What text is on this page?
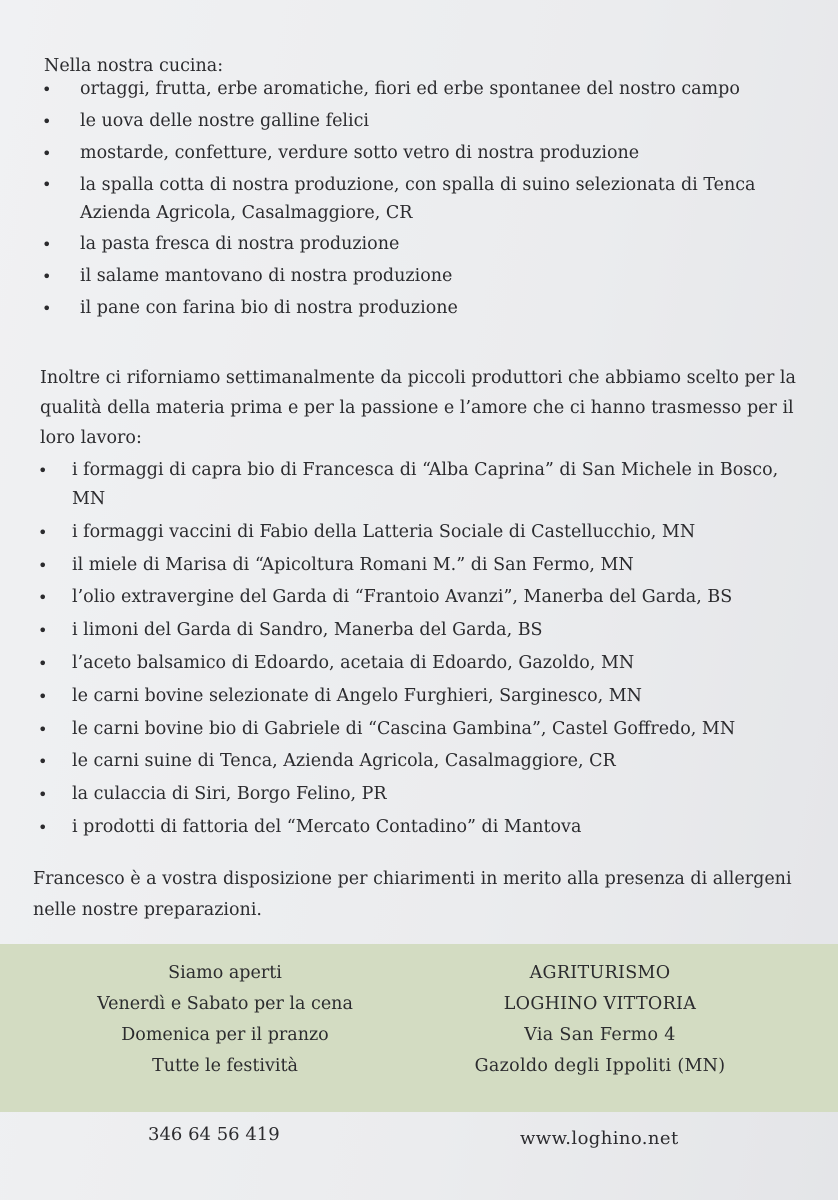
Nella nostra cucina:
• ortaggi, frutta, erbe aromatiche, fiori ed erbe spontanee del nostro campo
• le uova delle nostre galline felici
• mostarde, confetture, verdure sotto vetro di nostra produzione
• la spalla cotta di nostra produzione, con spalla di suino selezionata di Tenca Azienda Agricola, Casalmaggiore, CR
• la pasta fresca di nostra produzione
• il salame mantovano di nostra produzione
• il pane con farina bio di nostra produzione
Inoltre ci riforniamo settimanalmente da piccoli produttori che abbiamo scelto per la qualità della materia prima e per la passione e l’amore che ci hanno trasmesso per il loro lavoro:
• i formaggi di capra bio di Francesca di “Alba Caprina” di San Michele in Bosco, MN
• i formaggi vaccini di Fabio della Latteria Sociale di Castellucchio, MN
• il miele di Marisa di “Apicoltura Romani M.” di San Fermo, MN
• l’olio extravergine del Garda di “Frantoio Avanzi”, Manerba del Garda, BS
• i limoni del Garda di Sandro, Manerba del Garda, BS
• l’aceto balsamico di Edoardo, acetaia di Edoardo, Gazoldo, MN
• le carni bovine selezionate di Angelo Furghieri, Sarginesco, MN
• le carni bovine bio di Gabriele di “Cascina Gambina”, Castel Goffredo, MN
• le carni suine di Tenca, Azienda Agricola, Casalmaggiore, CR
• la culaccia di Siri, Borgo Felino, PR
• i prodotti di fattoria del “Mercato Contadino” di Mantova
Francesco è a vostra disposizione per chiarimenti in merito alla presenza di allergeni nelle nostre preparazioni.
Siamo aperti
Venerdì e Sabato per la cena
Domenica per il pranzo
Tutte le festività
AGRITURISMO
LOGHINO VITTORIA
Via San Fermo 4
Gazoldo degli Ippoliti (MN)
346 64 56 419	www.loghino.net
